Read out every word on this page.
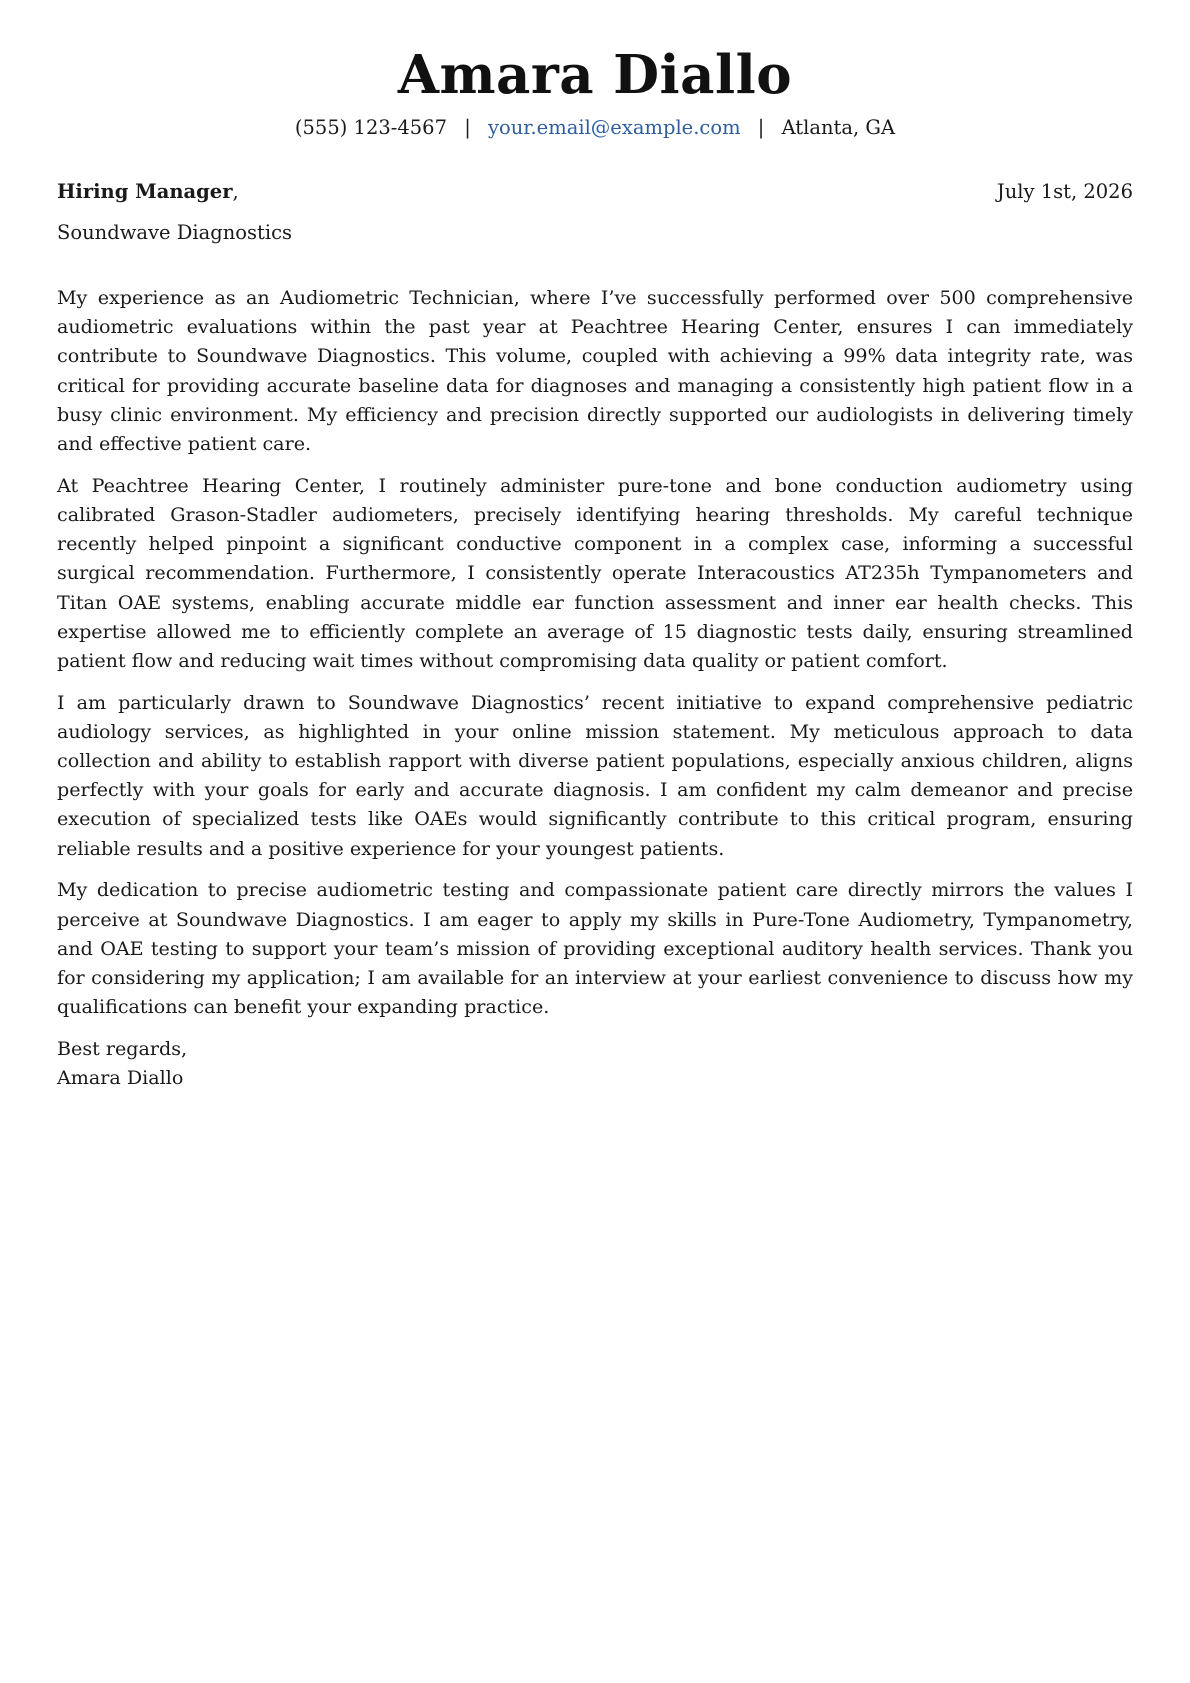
Amara Diallo
(555) 123-4567 | your.email@example.com | Atlanta, GA
Hiring Manager,	July 1st, 2026
Soundwave Diagnostics

My experience as an Audiometric Technician, where I’ve successfully performed over 500 comprehensive audiometric evaluations within the past year at Peachtree Hearing Center, ensures I can immediately contribute to Soundwave Diagnostics. This volume, coupled with achieving a 99% data integrity rate, was critical for providing accurate baseline data for diagnoses and managing a consistently high patient flow in a busy clinic environment. My efficiency and precision directly supported our audiologists in delivering timely and effective patient care.

At Peachtree Hearing Center, I routinely administer pure-tone and bone conduction audiometry using calibrated Grason-Stadler audiometers, precisely identifying hearing thresholds. My careful technique recently helped pinpoint a significant conductive component in a complex case, informing a successful surgical recommendation. Furthermore, I consistently operate Interacoustics AT235h Tympanometers and Titan OAE systems, enabling accurate middle ear function assessment and inner ear health checks. This expertise allowed me to efficiently complete an average of 15 diagnostic tests daily, ensuring streamlined patient flow and reducing wait times without compromising data quality or patient comfort.

I am particularly drawn to Soundwave Diagnostics’ recent initiative to expand comprehensive pediatric audiology services, as highlighted in your online mission statement. My meticulous approach to data collection and ability to establish rapport with diverse patient populations, especially anxious children, aligns perfectly with your goals for early and accurate diagnosis. I am confident my calm demeanor and precise execution of specialized tests like OAEs would significantly contribute to this critical program, ensuring reliable results and a positive experience for your youngest patients.

My dedication to precise audiometric testing and compassionate patient care directly mirrors the values I perceive at Soundwave Diagnostics. I am eager to apply my skills in Pure-Tone Audiometry, Tympanometry, and OAE testing to support your team’s mission of providing exceptional auditory health services. Thank you for considering my application; I am available for an interview at your earliest convenience to discuss how my qualifications can benefit your expanding practice.

Best regards,
Amara Diallo
